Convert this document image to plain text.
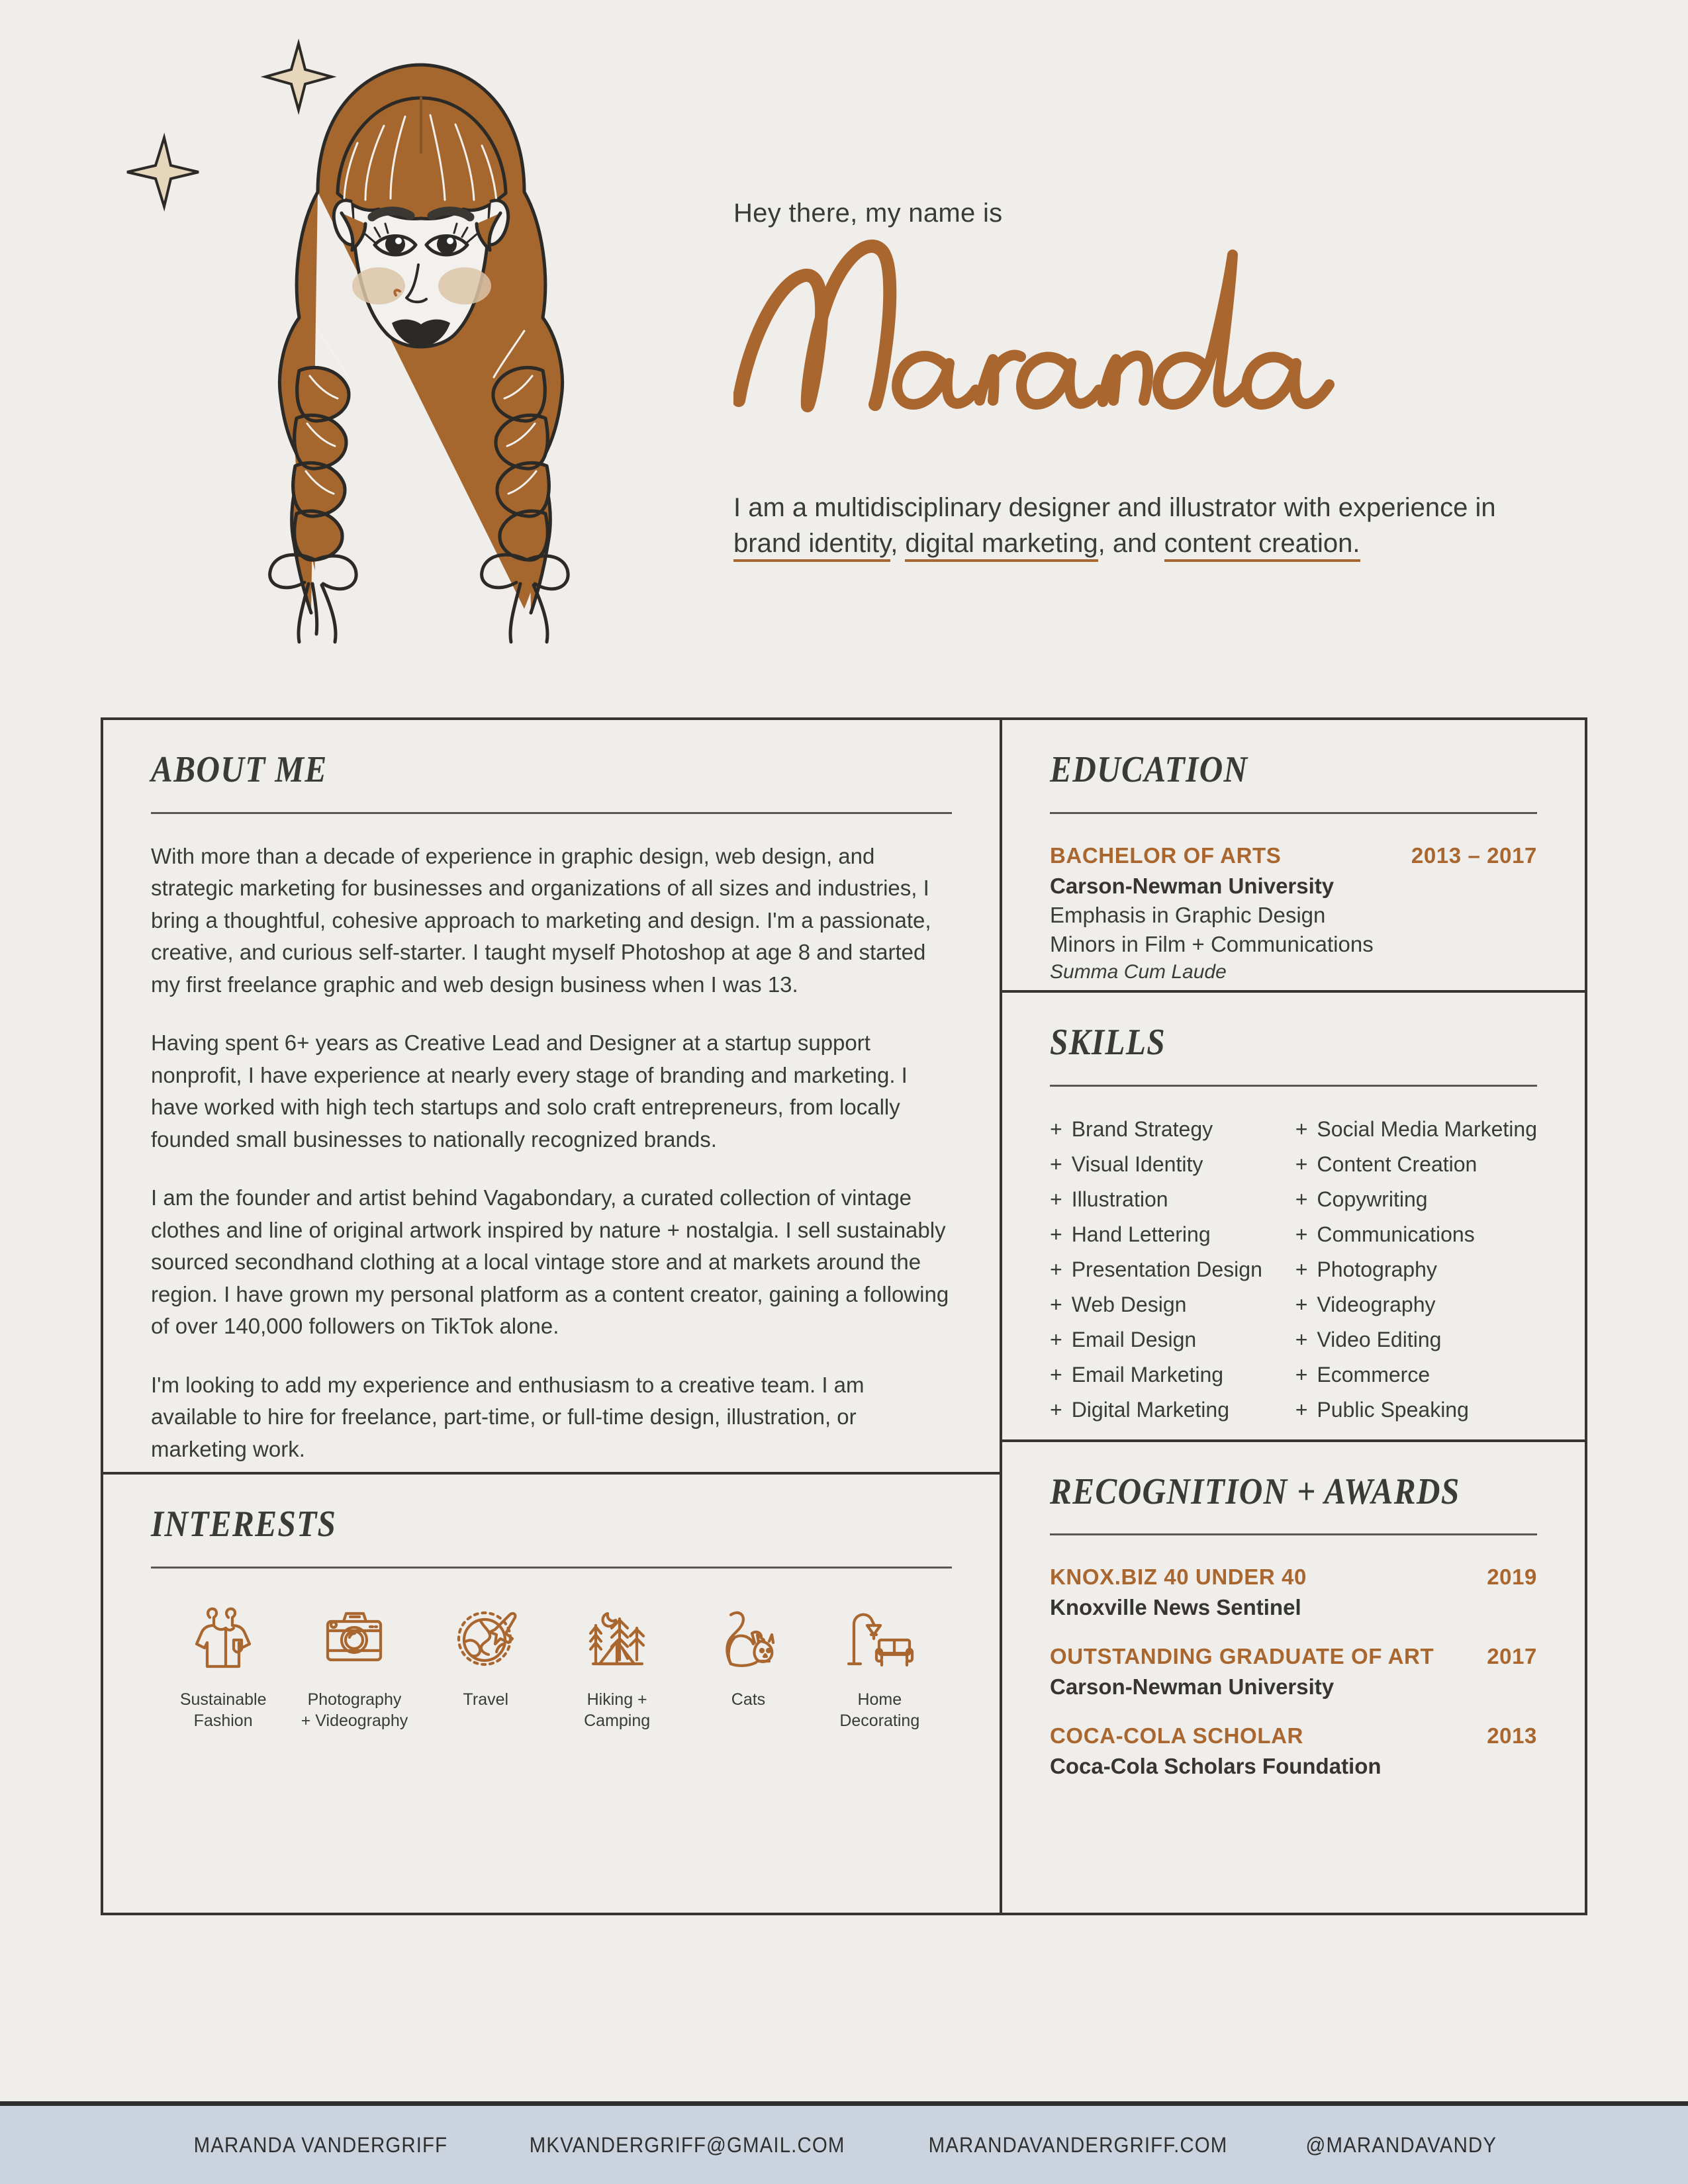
Hey there, my name is
I am a multidisciplinary designer and illustrator with experience in brand identity, digital marketing, and content creation.
ABOUT ME

With more than a decade of experience in graphic design, web design, and strategic marketing for businesses and organizations of all sizes and industries, I bring a thoughtful, cohesive approach to marketing and design. I'm a passionate, creative, and curious self-starter. I taught myself Photoshop at age 8 and started my first freelance graphic and web design business when I was 13.

Having spent 6+ years as Creative Lead and Designer at a startup support nonprofit, I have experience at nearly every stage of branding and marketing. I have worked with high tech startups and solo craft entrepreneurs, from locally founded small businesses to nationally recognized brands.

I am the founder and artist behind Vagabondary, a curated collection of vintage clothes and line of original artwork inspired by nature + nostalgia. I sell sustainably sourced secondhand clothing at a local vintage store and at markets around the region. I have grown my personal platform as a content creator, gaining a following of over 140,000 followers on TikTok alone.

I'm looking to add my experience and enthusiasm to a creative team. I am available to hire for freelance, part-time, or full-time design, illustration, or marketing work.

INTERESTS
Sustainable
Fashion
Photography
+ Videography
Travel	Hiking +
Camping
Cats	Home
Decorating
EDUCATION
BACHELOR OF ARTS	2013 – 2017
Carson-Newman University
Emphasis in Graphic Design
Minors in Film + Communications
Summa Cum Laude
SKILLS
+ Brand Strategy
+ Visual Identity
+ Illustration
+ Hand Lettering
+ Presentation Design
+ Web Design
+ Email Design
+ Email Marketing
+ Digital Marketing
+ Social Media Marketing
+ Content Creation
+ Copywriting
+ Communications
+ Photography
+ Videography
+ Video Editing
+ Ecommerce
+ Public Speaking
RECOGNITION + AWARDS
KNOX.BIZ 40 UNDER 40	2019
Knoxville News Sentinel
OUTSTANDING GRADUATE OF ART 2017
Carson-Newman University
COCA-COLA SCHOLAR	2013
Coca-Cola Scholars Foundation
MARANDA VANDERGRIFF	MKVANDERGRIFF@GMAIL.COM	MARANDAVANDERGRIFF.COM	@MARANDAVANDY
